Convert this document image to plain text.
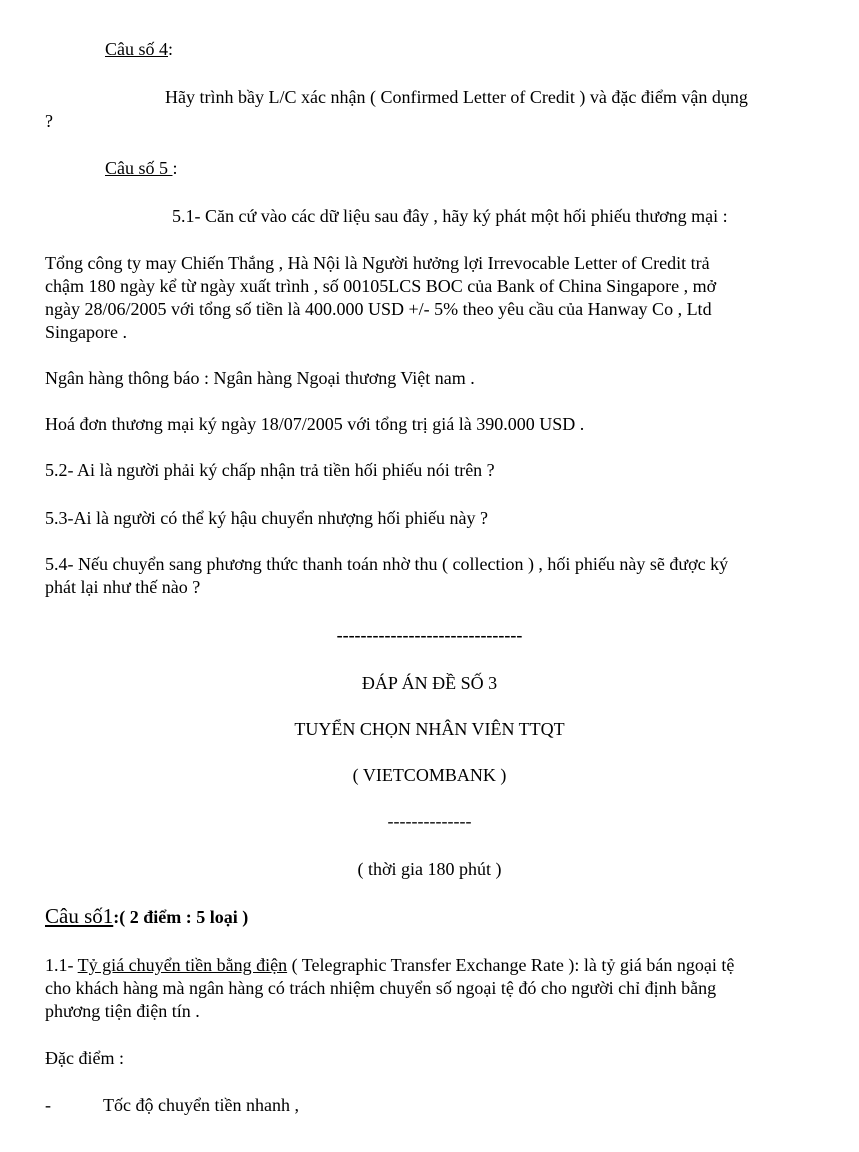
Câu số 4:
Hãy trình bầy L/C xác nhận ( Confirmed Letter of Credit ) và đặc điểm vận dụng
?
Câu số 5 :
5.1- Căn cứ vào các dữ liệu sau đây , hãy ký phát một hối phiếu thương mại :
Tổng công ty may Chiến Thắng , Hà Nội là Người hưởng lợi Irrevocable Letter of Credit trả
chậm 180 ngày kể từ ngày xuất trình , số 00105LCS BOC của Bank of China Singapore , mở
ngày 28/06/2005 với tổng số tiền là 400.000 USD +/- 5% theo yêu cầu của Hanway Co , Ltd
Singapore .
Ngân hàng thông báo : Ngân hàng Ngoại thương Việt nam .
Hoá đơn thương mại ký ngày 18/07/2005 với tổng trị giá là 390.000 USD .
5.2- Ai là người phải ký chấp nhận trả tiền hối phiếu nói trên ?
5.3-Ai là người có thể ký hậu chuyển nhượng hối phiếu này ?
5.4- Nếu chuyển sang phương thức thanh toán nhờ thu ( collection ) , hối phiếu này sẽ được ký
phát lại như thế nào ?
-------------------------------
ĐÁP ÁN ĐỀ SỐ 3
TUYỂN CHỌN NHÂN VIÊN TTQT
( VIETCOMBANK )
--------------
( thời gia 180 phút )
Câu số1:( 2 điểm : 5 loại )
1.1- Tỷ giá chuyển tiền bằng điện ( Telegraphic Transfer Exchange Rate ): là tỷ giá bán ngoại tệ
cho khách hàng mà ngân hàng có trách nhiệm chuyển số ngoại tệ đó cho người chỉ định bằng
phương tiện điện tín .
Đặc điểm :
-	Tốc độ chuyển tiền nhanh ,
